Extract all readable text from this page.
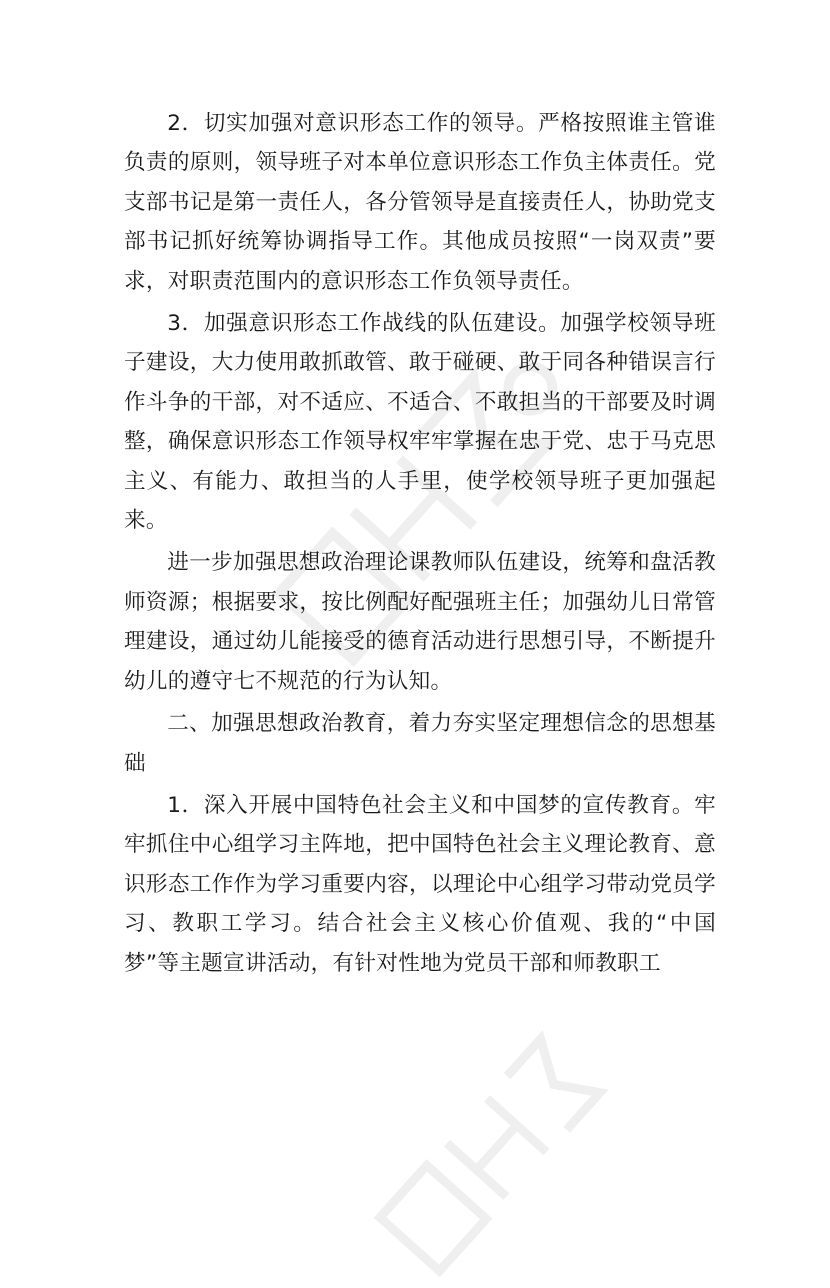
2．切实加强对意识形态工作的领导。严格按照谁主管谁负责的原则，领导班子对本单位意识形态工作负主体责任。党支部书记是第一责任人，各分管领导是直接责任人，协助党支部书记抓好统筹协调指导工作。其他成员按照“一岗双责”要求，对职责范围内的意识形态工作负领导责任。

3．加强意识形态工作战线的队伍建设。加强学校领导班子建设，大力使用敢抓敢管、敢于碰硬、敢于同各种错误言行作斗争的干部，对不适应、不适合、不敢担当的干部要及时调整，确保意识形态工作领导权牢牢掌握在忠于党、忠于马克思主义、有能力、敢担当的人手里，使学校领导班子更加强起来。

进一步加强思想政治理论课教师队伍建设，统筹和盘活教师资源；根据要求，按比例配好配强班主任；加强幼儿日常管理建设，通过幼儿能接受的德育活动进行思想引导，不断提升幼儿的遵守七不规范的行为认知。

二、加强思想政治教育，着力夯实坚定理想信念的思想基础

1．深入开展中国特色社会主义和中国梦的宣传教育。牢牢抓住中心组学习主阵地，把中国特色社会主义理论教育、意识形态工作作为学习重要内容，以理论中心组学习带动党员学习、教职工学习。结合社会主义核心价值观、我的“中国梦”等主题宣讲活动，有针对性地为党员干部和师教职工
